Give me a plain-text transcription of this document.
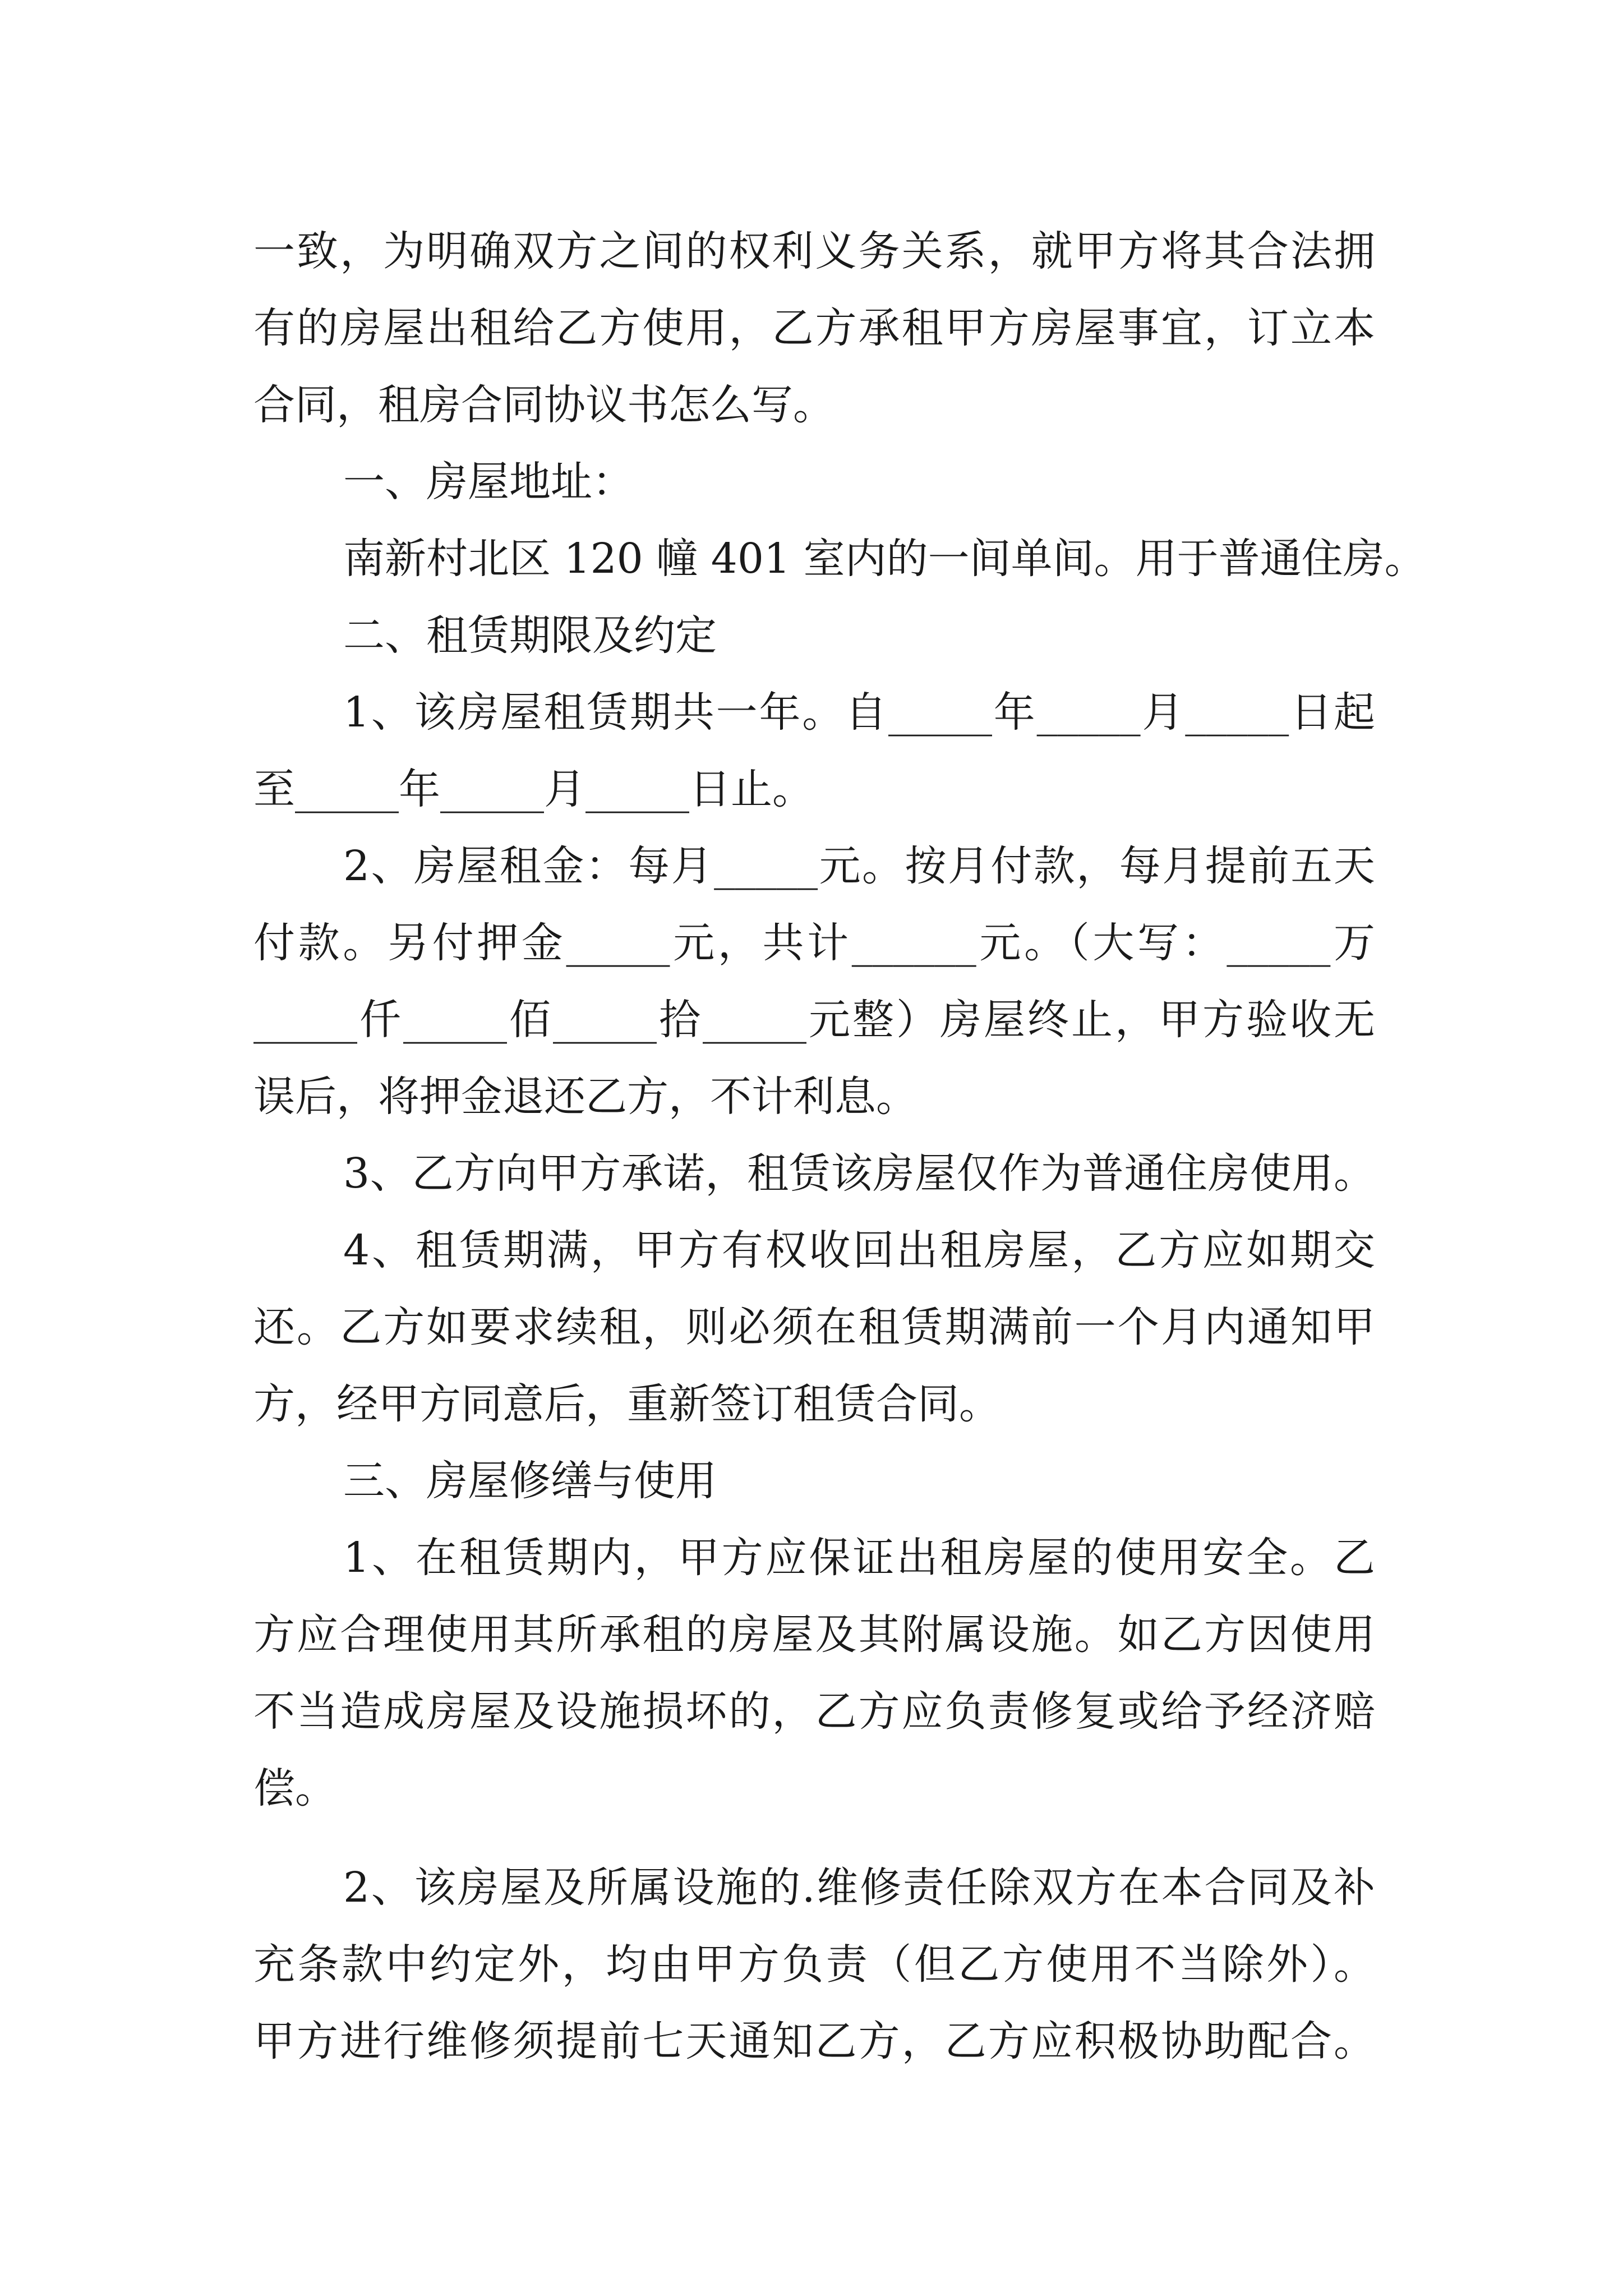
一致，为明确双方之间的权利义务关系，就甲方将其合法拥
有的房屋出租给乙方使用，乙方承租甲方房屋事宜，订立本
合同，租房合同协议书怎么写。
一、房屋地址：
南新村北区 120 幢 401 室内的一间单间。用于普通住房。
二、租赁期限及约定
1、该房屋租赁期共一年。自_____年_____月_____日起
至_____年_____月_____日止。
2、房屋租金：每月_____元。按月付款，每月提前五天
付款。另付押金_____元，共计______元。（大写：_____万
_____仟_____佰_____拾_____元整）房屋终止，甲方验收无
误后，将押金退还乙方，不计利息。
3、乙方向甲方承诺，租赁该房屋仅作为普通住房使用。
4、租赁期满，甲方有权收回出租房屋，乙方应如期交
还。乙方如要求续租，则必须在租赁期满前一个月内通知甲
方，经甲方同意后，重新签订租赁合同。
三、房屋修缮与使用
1、在租赁期内，甲方应保证出租房屋的使用安全。乙
方应合理使用其所承租的房屋及其附属设施。如乙方因使用
不当造成房屋及设施损坏的，乙方应负责修复或给予经济赔
偿。
2、该房屋及所属设施的.维修责任除双方在本合同及补
充条款中约定外，均由甲方负责（但乙方使用不当除外）。
甲方进行维修须提前七天通知乙方，乙方应积极协助配合。
